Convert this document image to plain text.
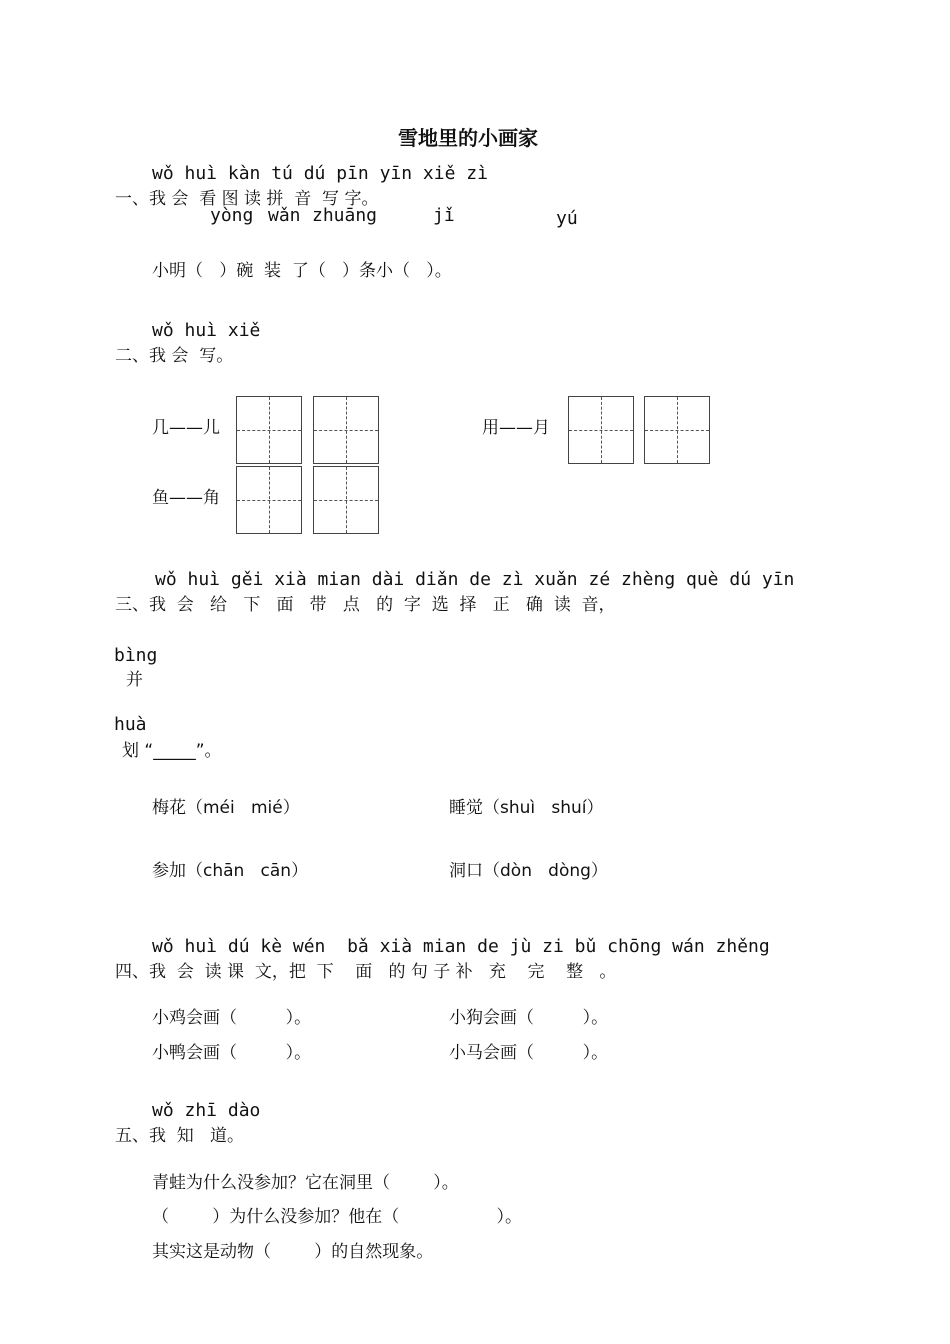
雪地里的小画家
wǒ huì kàn tú dú pīn yīn xiě zì
一、我 会  看 图 读 拼  音  写 字。
yòng wǎn zhuāng	jǐ	yú
小明（   ）碗  装  了（   ）条小（   ）。
wǒ huì xiě
二、我 会  写。
几——儿	用——月
鱼——角
wǒ huì gěi xià mian dài diǎn de zì xuǎn zé zhèng què dú yīn
三、我  会   给   下   面   带   点   的  字  选  择   正   确  读  音，
bìng
并
huà
划 “_____”。
梅花（méi   mié）	睡觉（shuì   shuí）
参加（chān   cān）	洞口（dòn   dòng）
wǒ huì dú kè wén  bǎ xià mian de jù zi bǔ chōng wán zhěng
四、我  会  读 课  文，把  下    面   的 句 子 补   充    完    整   。
小鸡会画（         ）。	小狗会画（         ）。
小鸭会画（         ）。	小马会画（         ）。
wǒ zhī dào
五、我  知   道。
青蛙为什么没参加？它在洞里（        ）。
（        ）为什么没参加？他在（                  ）。
其实这是动物（        ）的自然现象。
